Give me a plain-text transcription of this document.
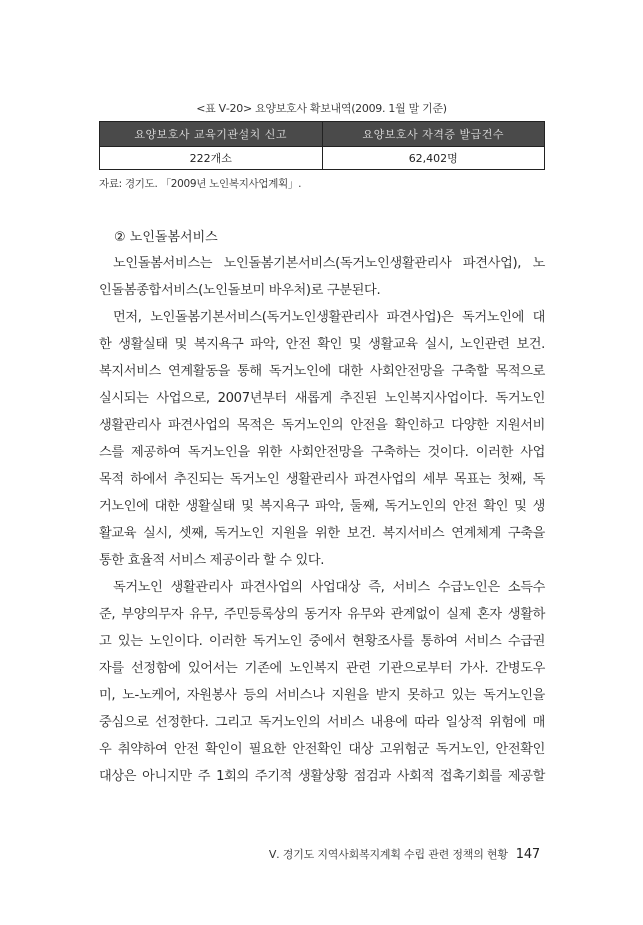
<표 Ⅴ-20> 요양보호사 확보내역(2009. 1월 말 기준)
요양보호사 교육기관설치 신고	요양보호사 자격증 발급건수
222개소	62,402명
자료: 경기도. 「2009년 노인복지사업계획」.
② 노인돌봄서비스
노인돌봄서비스는 노인돌봄기본서비스(독거노인생활관리사 파견사업), 노
인돌봄종합서비스(노인돌보미 바우처)로 구분된다.
먼저, 노인돌봄기본서비스(독거노인생활관리사 파견사업)은 독거노인에 대
한 생활실태 및 복지욕구 파악, 안전 확인 및 생활교육 실시, 노인관련 보건.
복지서비스 연계활동을 통해 독거노인에 대한 사회안전망을 구축할 목적으로
실시되는 사업으로, 2007년부터 새롭게 추진된 노인복지사업이다. 독거노인
생활관리사 파견사업의 목적은 독거노인의 안전을 확인하고 다양한 지원서비
스를 제공하여 독거노인을 위한 사회안전망을 구축하는 것이다. 이러한 사업
목적 하에서 추진되는 독거노인 생활관리사 파견사업의 세부 목표는 첫째, 독
거노인에 대한 생활실태 및 복지욕구 파악, 둘째, 독거노인의 안전 확인 및 생
활교육 실시, 셋째, 독거노인 지원을 위한 보건. 복지서비스 연계체계 구축을
통한 효율적 서비스 제공이라 할 수 있다.
독거노인 생활관리사 파견사업의 사업대상 즉, 서비스 수급노인은 소득수
준, 부양의무자 유무, 주민등록상의 동거자 유무와 관계없이 실제 혼자 생활하
고 있는 노인이다. 이러한 독거노인 중에서 현황조사를 통하여 서비스 수급권
자를 선정함에 있어서는 기존에 노인복지 관련 기관으로부터 가사. 간병도우
미, 노-노케어, 자원봉사 등의 서비스나 지원을 받지 못하고 있는 독거노인을
중심으로 선정한다. 그리고 독거노인의 서비스 내용에 따라 일상적 위험에 매
우 취약하여 안전 확인이 필요한 안전확인 대상 고위험군 독거노인, 안전확인
대상은 아니지만 주 1회의 주기적 생활상황 점검과 사회적 접촉기회를 제공할
Ⅴ. 경기도 지역사회복지계획 수립 관련 정책의 현황 147
